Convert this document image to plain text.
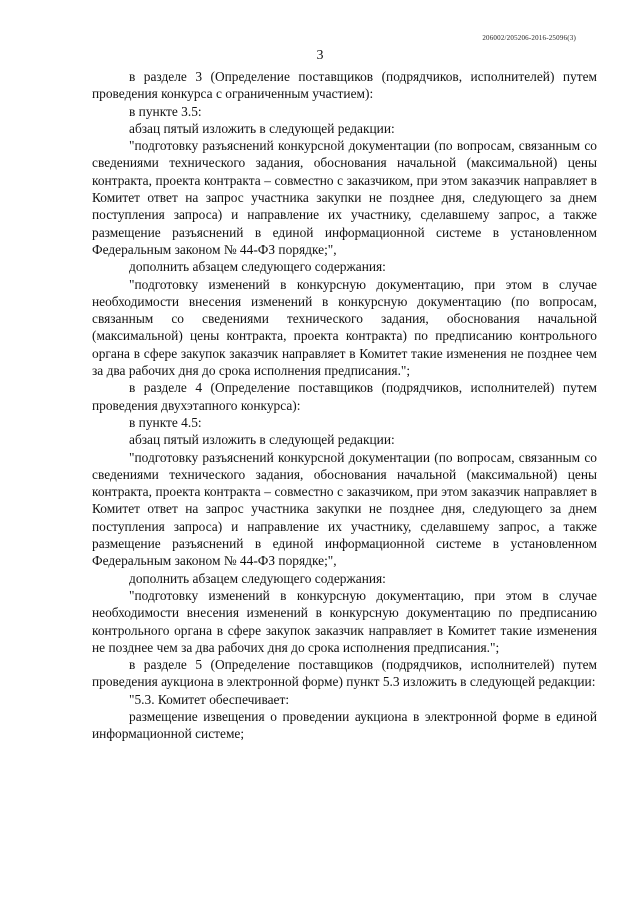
206002/205206-2016-25096(3)
3

в разделе 3 (Определение поставщиков (подрядчиков, исполнителей) путем проведения конкурса с ограниченным участием):

в пункте 3.5:

абзац пятый изложить в следующей редакции:

"подготовку разъяснений конкурсной документации (по вопросам, связанным со сведениями технического задания, обоснования начальной (максимальной) цены контракта, проекта контракта – совместно с заказчиком, при этом заказчик направляет в Комитет ответ на запрос участника закупки не позднее дня, следующего за днем поступления запроса) и направление их участнику, сделавшему запрос, а также размещение разъяснений в единой информационной системе в установленном Федеральным законом № 44-ФЗ порядке;",

дополнить абзацем следующего содержания:

"подготовку изменений в конкурсную документацию, при этом в случае необходимости внесения изменений в конкурсную документацию (по вопросам, связанным со сведениями технического задания, обоснования начальной (максимальной) цены контракта, проекта контракта) по предписанию контрольного органа в сфере закупок заказчик направляет в Комитет такие изменения не позднее чем за два рабочих дня до срока исполнения предписания.";

в разделе 4 (Определение поставщиков (подрядчиков, исполнителей) путем проведения двухэтапного конкурса):

в пункте 4.5:

абзац пятый изложить в следующей редакции:

"подготовку разъяснений конкурсной документации (по вопросам, связанным со сведениями технического задания, обоснования начальной (максимальной) цены контракта, проекта контракта – совместно с заказчиком, при этом заказчик направляет в Комитет ответ на запрос участника закупки не позднее дня, следующего за днем поступления запроса) и направление их участнику, сделавшему запрос, а также размещение разъяснений в единой информационной системе в установленном Федеральным законом № 44-ФЗ порядке;",

дополнить абзацем следующего содержания:

"подготовку изменений в конкурсную документацию, при этом в случае необходимости внесения изменений в конкурсную документацию по предписанию контрольного органа в сфере закупок заказчик направляет в Комитет такие изменения не позднее чем за два рабочих дня до срока исполнения предписания.";

в разделе 5 (Определение поставщиков (подрядчиков, исполнителей) путем проведения аукциона в электронной форме) пункт 5.3 изложить в следующей редакции:

"5.3. Комитет обеспечивает:

размещение извещения о проведении аукциона в электронной форме в единой информационной системе;
